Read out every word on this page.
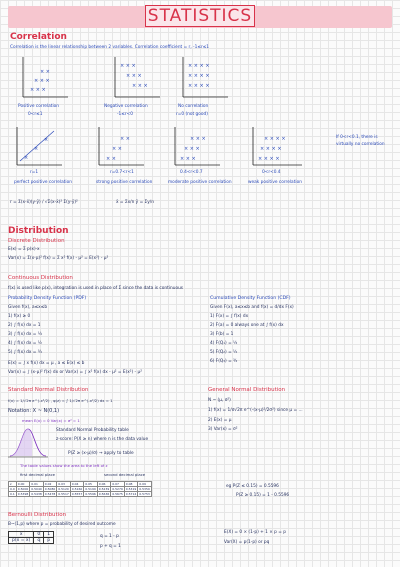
STATISTICS
Correlation
Correlation is the linear relationship between 2 variables. Correlation coefficient = r, -1≤r≤1
× × ×
× × ×
× ×
Positive correlation
0<r≤1
× × ×
× × ×
× × ×
Negative correlation
-1≤r<0
× × × ×
× × × ×
× × × ×
No correlation
r=0 (not good)
×
×
×
r=1
perfect positive correlation
× ×
× ×
× ×
r=0.7<r<1
strong positive correlation
× × ×
× × ×
× × ×
0.4<r<0.7
moderate positive correlation
× × × ×
× × × ×
× × × ×
0<r<0.4
weak positive correlation
If 0<r<0.1, there is virtually no correlation
r = Σ(x-x̄)(y-ȳ) / √Σ(x-x̄)² Σ(y-ȳ)²	x̄ = Σx/n ȳ = Σy/n
Distribution
Discrete Distribution
E(x) = Σ p(x)·x
Var(x) = Σ(x-μ)² f(x) = Σ x² f(x) - μ² = E(x²) - μ²
Continuous Distribution
f(x) is used like p(x), integration is used in place of Σ since the data is continuous
Probability Density Function (PDF)
Given f(x), a≤x≤b
1) f(x) ≥ 0
2) ∫ f(x) dx = 1
3) ∫ f(x) dx = ¼
4) ∫ f(x) dx = ½
5) ∫ f(x) dx = ¾
E(x) = ∫ x f(x) dx = μ , a ≤ E(x) ≤ b
Var(x) = ∫ (x-μ)² f(x) dx or Var(x) = ∫ x² f(x) dx - μ² = E(x²) - μ²
Cumulative Density Function (CDF)
Given F(x), a≤x≤b and f(x) = d/dx F(x)
1) F(x) = ∫ f(x) dx
2) F(a) = 0 always one at ∫ f(x) dx
3) F(b) = 1
4) F(Q₁) = ¼
5) F(Q₂) = ½
6) F(Q₃) = ¾
Standard Normal Distribution
f(x) = 1/√2π e^(-x²/2) , φ(z) = ∫ 1/√2π e^(-x²/2) dx = 1
Notation: X ~ N(0,1)
mean E(x) = 0 Var(x) = σ² = 1
Standard Normal Probability table
z-score: P(X ≥ n) where n is the data value
P(Z ≥ (x-μ)/σ) → apply to table
The table values show the area to the left of z
first decimal place	second decimal place
z	0.00	0.01	0.02	0.03	0.04	0.05	0.06	0.07	0.08	0.09
0.0	0.5000	0.5040	0.5080	0.5120	0.5160	0.5199	0.5239	0.5279	0.5319	0.5359
0.1	0.5398	0.5438	0.5478	0.5517	0.5557	0.5596	0.5636	0.5675	0.5714	0.5753
General Normal Distribution
N ~ (μ, σ²)
1) f(x) = 1/σ√2π e^(-(x-μ)²/2σ²) since μ = ...
2) E(x) = μ
3) Var(x) = σ²
eg P(Z ≤ 0.15) = 0.5596
P(Z ≥ 0.15) = 1 - 0.5596
Bernoulli Distribution
B~(1,p) where p = probability of desired outcome
x	0	1
p(x = x)	q	p
q = 1 - p
p + q = 1
E(X) = 0 × (1-p) + 1 × p = p
Var(X) = p(1-p) or pq
